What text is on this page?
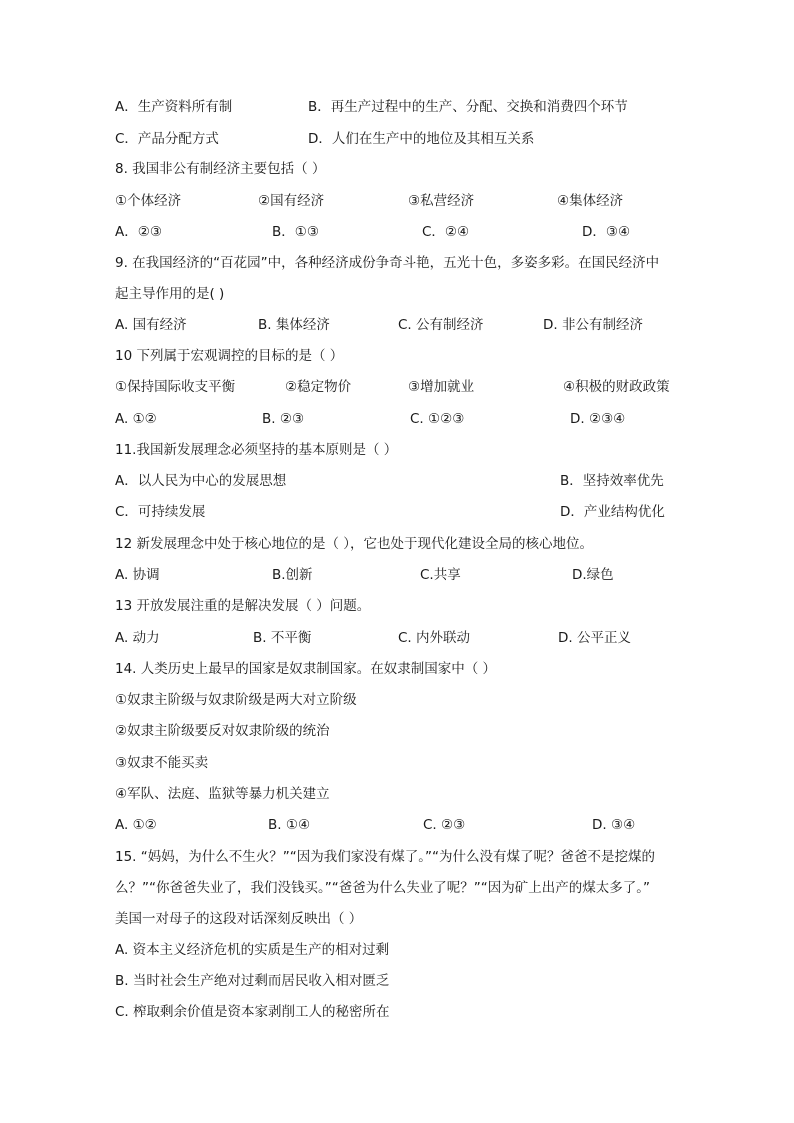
A．生产资料所有制	B．再生产过程中的生产、分配、交换和消费四个环节
C．产品分配方式	D．人们在生产中的地位及其相互关系
8. 我国非公有制经济主要包括（ ）
①个体经济	②国有经济	③私营经济	④集体经济
A．②③	B．①③	C．②④	D．③④
9. 在我国经济的“百花园”中，各种经济成份争奇斗艳，五光十色，多姿多彩。在国民经济中
起主导作用的是( )
A. 国有经济	B. 集体经济	C. 公有制经济	D. 非公有制经济
10 下列属于宏观调控的目标的是（ ）
①保持国际收支平衡	②稳定物价	③增加就业	④积极的财政政策
A. ①②	B. ②③	C. ①②③	D. ②③④
11.我国新发展理念必须坚持的基本原则是（ ）
A．以人民为中心的发展思想	B．坚持效率优先
C．可持续发展	D．产业结构优化
12 新发展理念中处于核心地位的是（ ），它也处于现代化建设全局的核心地位。
A. 协调	B.创新	C.共享	D.绿色
13 开放发展注重的是解决发展（ ）问题。
A. 动力	B. 不平衡	C. 内外联动	D. 公平正义
14. 人类历史上最早的国家是奴隶制国家。在奴隶制国家中（ ）
①奴隶主阶级与奴隶阶级是两大对立阶级
②奴隶主阶级要反对奴隶阶级的统治
③奴隶不能买卖
④军队、法庭、监狱等暴力机关建立
A. ①②	B. ①④	C. ②③	D. ③④
15. “妈妈，为什么不生火？”“因为我们家没有煤了。”“为什么没有煤了呢？爸爸不是挖煤的
么？”“你爸爸失业了，我们没钱买。”“爸爸为什么失业了呢？”“因为矿上出产的煤太多了。”
美国一对母子的这段对话深刻反映出（ ）
A. 资本主义经济危机的实质是生产的相对过剩
B. 当时社会生产绝对过剩而居民收入相对匮乏
C. 榨取剩余价值是资本家剥削工人的秘密所在
